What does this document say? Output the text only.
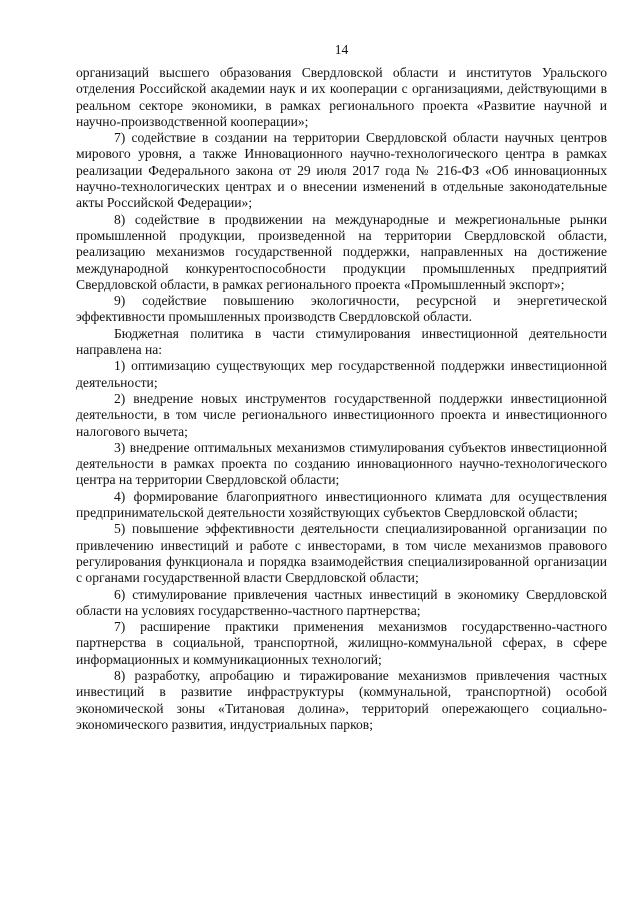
14

организаций высшего образования Свердловской области и институтов Уральского отделения Российской академии наук и их кооперации с организациями, действующими в реальном секторе экономики, в рамках регионального проекта «Развитие научной и научно-производственной кооперации»;

7) содействие в создании на территории Свердловской области научных центров мирового уровня, а также Инновационного научно-технологического центра в рамках реализации Федерального закона от 29 июля 2017 года № 216-ФЗ «Об инновационных научно-технологических центрах и о внесении изменений в отдельные законодательные акты Российской Федерации»;

8) содействие в продвижении на международные и межрегиональные рынки промышленной продукции, произведенной на территории Свердловской области, реализацию механизмов государственной поддержки, направленных на достижение международной конкурентоспособности продукции промышленных предприятий Свердловской области, в рамках регионального проекта «Промышленный экспорт»;

9) содействие повышению экологичности, ресурсной и энергетической эффективности промышленных производств Свердловской области.

Бюджетная политика в части стимулирования инвестиционной деятельности направлена на:

1) оптимизацию существующих мер государственной поддержки инвестиционной деятельности;

2) внедрение новых инструментов государственной поддержки инвестиционной деятельности, в том числе регионального инвестиционного проекта и инвестиционного налогового вычета;

3) внедрение оптимальных механизмов стимулирования субъектов инвестиционной деятельности в рамках проекта по созданию инновационного научно-технологического центра на территории Свердловской области;

4) формирование благоприятного инвестиционного климата для осуществления предпринимательской деятельности хозяйствующих субъектов Свердловской области;

5) повышение эффективности деятельности специализированной организации по привлечению инвестиций и работе с инвесторами, в том числе механизмов правового регулирования функционала и порядка взаимодействия специализированной организации с органами государственной власти Свердловской области;

6) стимулирование привлечения частных инвестиций в экономику Свердловской области на условиях государственно-частного партнерства;

7) расширение практики применения механизмов государственно-частного партнерства в социальной, транспортной, жилищно-коммунальной сферах, в сфере информационных и коммуникационных технологий;

8) разработку, апробацию и тиражирование механизмов привлечения частных инвестиций в развитие инфраструктуры (коммунальной, транспортной) особой экономической зоны «Титановая долина», территорий опережающего социально-экономического развития, индустриальных парков;
